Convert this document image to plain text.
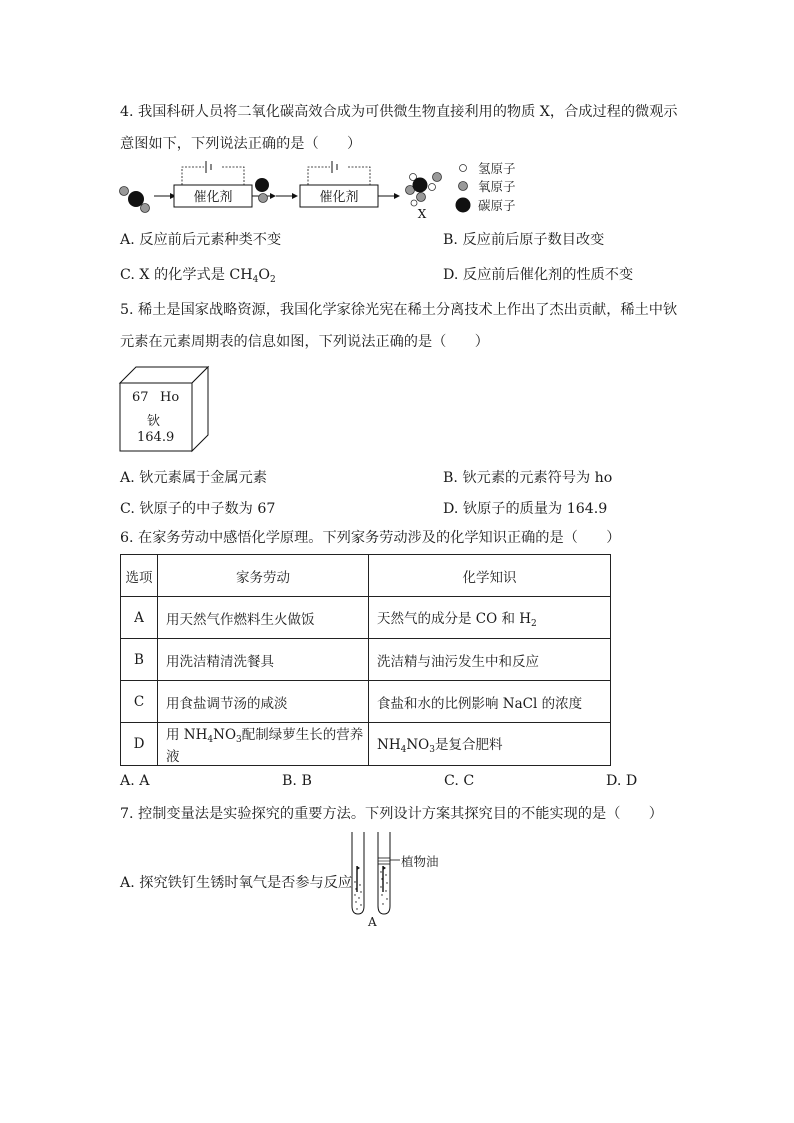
4. 我国科研人员将二氧化碳高效合成为可供微生物直接利用的物质 X，合成过程的微观示
意图如下，下列说法正确的是（　　）
催化剂	催化剂
X
氢原子
氧原子
碳原子
A. 反应前后元素种类不变	B. 反应前后原子数目改变
C. X 的化学式是 $CH_4O_2$	D. 反应前后催化剂的性质不变
5. 稀土是国家战略资源，我国化学家徐光宪在稀土分离技术上作出了杰出贡献，稀土中钬
元素在元素周期表的信息如图，下列说法正确的是（　　）
67 Ho
钬
164.9
A. 钬元素属于金属元素	B. 钬元素的元素符号为 ho
C. 钬原子的中子数为 67	D. 钬原子的质量为 164.9
6. 在家务劳动中感悟化学原理。下列家务劳动涉及的化学知识正确的是（　　）
选项	家务劳动	化学知识
A	用天然气作燃料生火做饭	天然气的成分是 CO 和 $H_2$
B	用洗洁精清洗餐具	洗洁精与油污发生中和反应
C	用食盐调节汤的咸淡	食盐和水的比例影响 NaCl 的浓度
D	用 $NH_4NO_3$配制绿萝生长的营养液	$NH_4NO_3$是复合肥料
A. A	B. B	C. C	D. D
7. 控制变量法是实验探究的重要方法。下列设计方案其探究目的不能实现的是（　　）
A. 探究铁钉生锈时氧气是否参与反应
植物油
A
